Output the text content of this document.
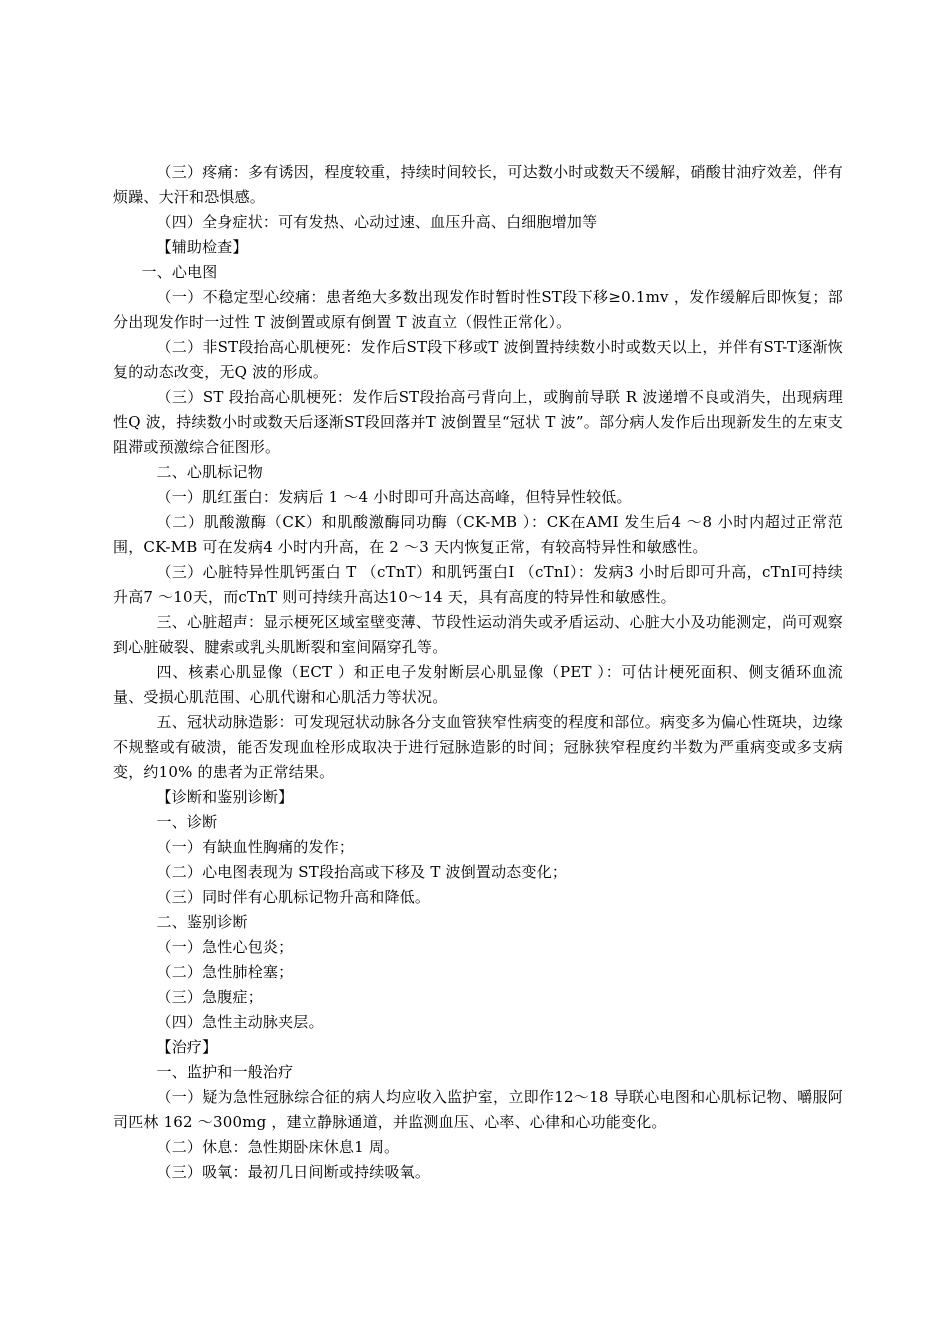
（三）疼痛：多有诱因，程度较重，持续时间较长，可达数小时或数天不缓解，硝酸甘油疗效差，伴有烦躁、大汗和恐惧感。

（四）全身症状：可有发热、心动过速、血压升高、白细胞增加等

【辅助检查】

一、心电图

（一）不稳定型心绞痛：患者绝大多数出现发作时暂时性ST段下移≥0.1mv ，发作缓解后即恢复；部分出现发作时一过性 T 波倒置或原有倒置 T 波直立（假性正常化）。

（二）非ST段抬高心肌梗死：发作后ST段下移或T 波倒置持续数小时或数天以上，并伴有ST-T逐渐恢复的动态改变，无Q 波的形成。

（三）ST 段抬高心肌梗死：发作后ST段抬高弓背向上，或胸前导联 R 波递增不良或消失，出现病理性Q 波，持续数小时或数天后逐渐ST段回落并T 波倒置呈“冠状 T 波”。部分病人发作后出现新发生的左束支阻滞或预激综合征图形。

二、心肌标记物

（一）肌红蛋白：发病后 1 ～4 小时即可升高达高峰，但特异性较低。

（二）肌酸激酶（CK）和肌酸激酶同功酶（CK-MB ）：CK在AMI 发生后4 ～8 小时内超过正常范围，CK-MB 可在发病4 小时内升高，在 2 ～3 天内恢复正常，有较高特异性和敏感性。

（三）心脏特异性肌钙蛋白 T （cTnT）和肌钙蛋白I （cTnI）：发病3 小时后即可升高，cTnI可持续升高7 ～10天，而cTnT 则可持续升高达10～14 天，具有高度的特异性和敏感性。

三、心脏超声：显示梗死区域室壁变薄、节段性运动消失或矛盾运动、心脏大小及功能测定，尚可观察到心脏破裂、腱索或乳头肌断裂和室间隔穿孔等。

四、核素心肌显像（ECT ）和正电子发射断层心肌显像（PET ）：可估计梗死面积、侧支循环血流量、受损心肌范围、心肌代谢和心肌活力等状况。

五、冠状动脉造影：可发现冠状动脉各分支血管狭窄性病变的程度和部位。病变多为偏心性斑块，边缘不规整或有破溃，能否发现血栓形成取决于进行冠脉造影的时间；冠脉狭窄程度约半数为严重病变或多支病变，约10% 的患者为正常结果。

【诊断和鉴别诊断】

一、诊断

（一）有缺血性胸痛的发作；

（二）心电图表现为 ST段抬高或下移及 T 波倒置动态变化；

（三）同时伴有心肌标记物升高和降低。

二、鉴别诊断

（一）急性心包炎；

（二）急性肺栓塞；

（三）急腹症；

（四）急性主动脉夹层。

【治疗】

一、监护和一般治疗

（一）疑为急性冠脉综合征的病人均应收入监护室，立即作12～18 导联心电图和心肌标记物、嚼服阿司匹林 162 ～300mg ，建立静脉通道，并监测血压、心率、心律和心功能变化。

（二）休息：急性期卧床休息1 周。

（三）吸氧：最初几日间断或持续吸氧。
